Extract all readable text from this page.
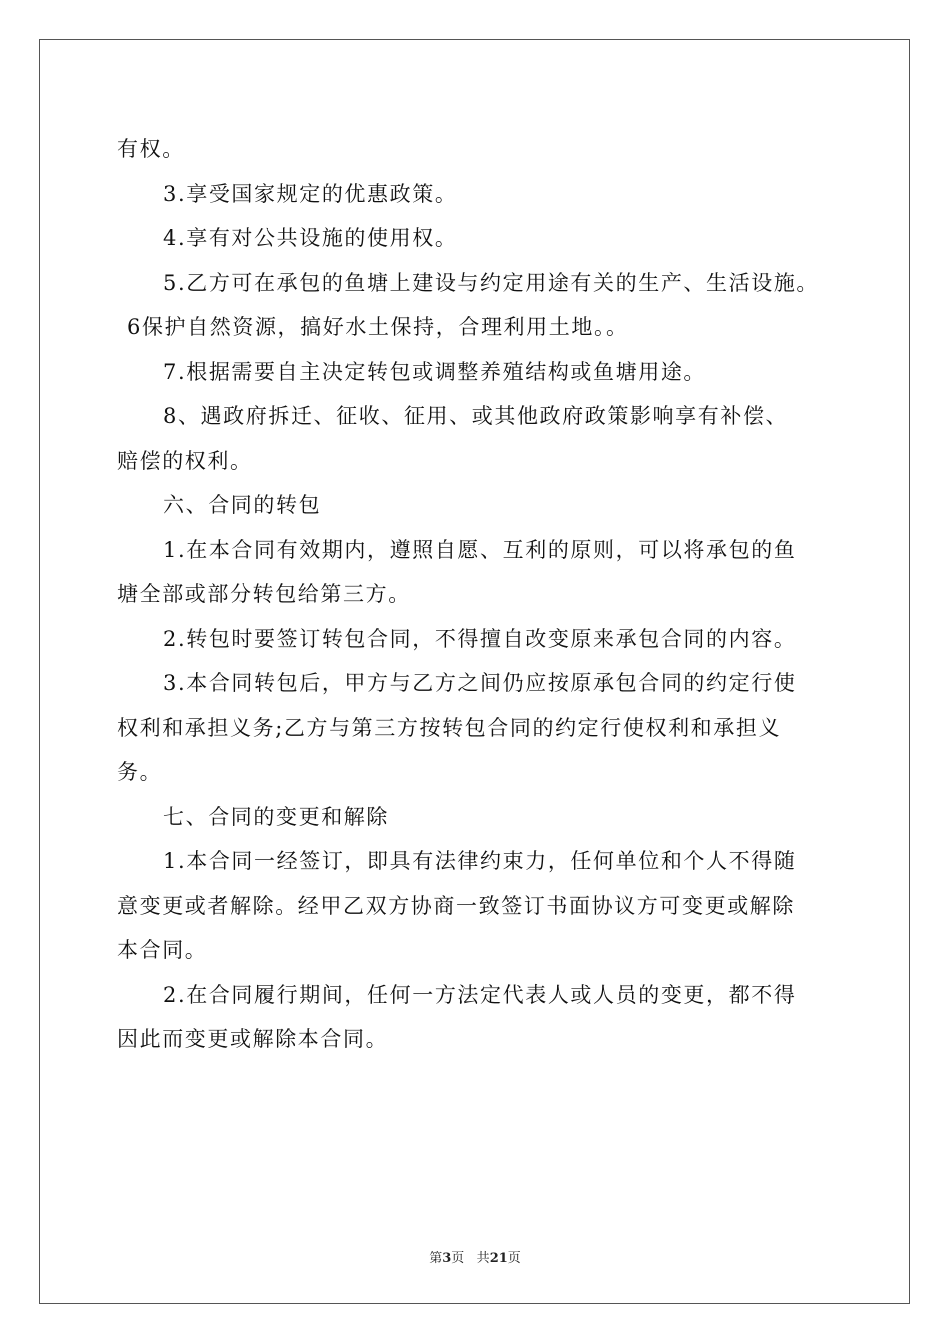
有权。

3.享受国家规定的优惠政策。

4.享有对公共设施的使用权。

5.乙方可在承包的鱼塘上建设与约定用途有关的生产、生活设施。

6保护自然资源，搞好水土保持，合理利用土地。。

7.根据需要自主决定转包或调整养殖结构或鱼塘用途。

8、遇政府拆迁、征收、征用、或其他政府政策影响享有补偿、

赔偿的权利。

六、合同的转包

1.在本合同有效期内，遵照自愿、互利的原则，可以将承包的鱼

塘全部或部分转包给第三方。

2.转包时要签订转包合同，不得擅自改变原来承包合同的内容。

3.本合同转包后，甲方与乙方之间仍应按原承包合同的约定行使

权利和承担义务;乙方与第三方按转包合同的约定行使权利和承担义

务。

七、合同的变更和解除

1.本合同一经签订，即具有法律约束力，任何单位和个人不得随

意变更或者解除。经甲乙双方协商一致签订书面协议方可变更或解除

本合同。

2.在合同履行期间，任何一方法定代表人或人员的变更，都不得

因此而变更或解除本合同。

第3页 共21页
